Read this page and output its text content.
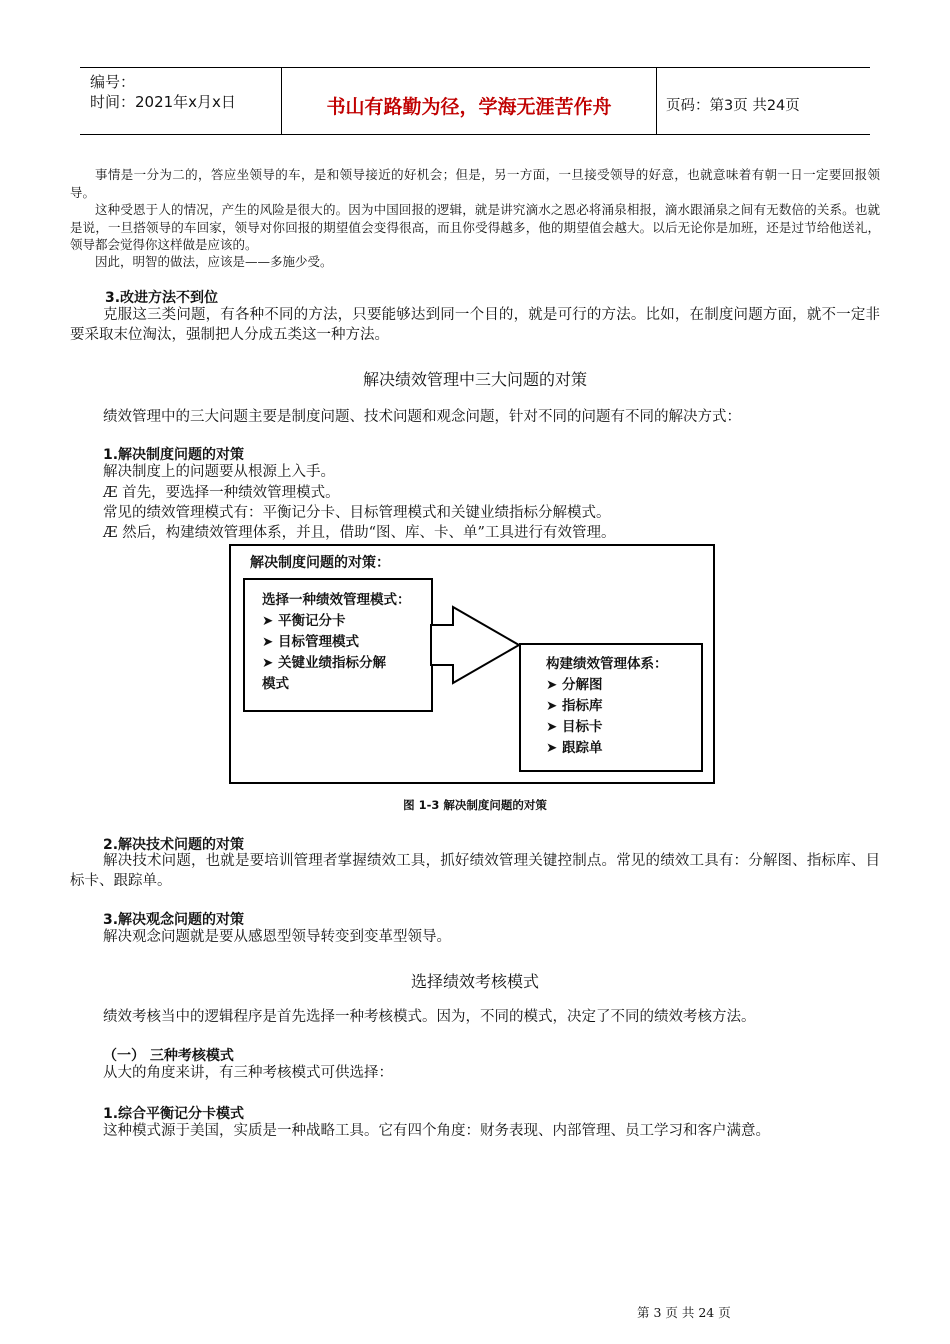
编号：
时间：2021年x月x日	书山有路勤为径，学海无涯苦作舟	页码：第3页 共24页
事情是一分为二的，答应坐领导的车，是和领导接近的好机会；但是，另一方面，一旦接受领导的好意，也就意味着有朝一日一定要回报领导。
这种受恩于人的情况，产生的风险是很大的。因为中国回报的逻辑，就是讲究滴水之恩必将涌泉相报，滴水跟涌泉之间有无数倍的关系。也就是说，一旦搭领导的车回家，领导对你回报的期望值会变得很高，而且你受得越多，他的期望值会越大。以后无论你是加班，还是过节给他送礼，领导都会觉得你这样做是应该的。
因此，明智的做法，应该是——多施少受。
3.改进方法不到位
克服这三类问题，有各种不同的方法，只要能够达到同一个目的，就是可行的方法。比如，在制度问题方面，就不一定非要采取末位淘汰，强制把人分成五类这一种方法。
解决绩效管理中三大问题的对策
绩效管理中的三大问题主要是制度问题、技术问题和观念问题，针对不同的问题有不同的解决方式：
1.解决制度问题的对策
解决制度上的问题要从根源上入手。
Æ 首先，要选择一种绩效管理模式。
常见的绩效管理模式有：平衡记分卡、目标管理模式和关键业绩指标分解模式。
Æ 然后，构建绩效管理体系，并且，借助“图、库、卡、单”工具进行有效管理。
解决制度问题的对策：
选择一种绩效管理模式：
➤ 平衡记分卡
➤ 目标管理模式
➤ 关键业绩指标分解
模式
构建绩效管理体系：
➤ 分解图
➤ 指标库
➤ 目标卡
➤ 跟踪单
图 1-3 解决制度问题的对策
2.解决技术问题的对策
解决技术问题，也就是要培训管理者掌握绩效工具，抓好绩效管理关键控制点。常见的绩效工具有：分解图、指标库、目标卡、跟踪单。
3.解决观念问题的对策
解决观念问题就是要从感恩型领导转变到变革型领导。
选择绩效考核模式
绩效考核当中的逻辑程序是首先选择一种考核模式。因为，不同的模式，决定了不同的绩效考核方法。
（一） 三种考核模式
从大的角度来讲，有三种考核模式可供选择：
1.综合平衡记分卡模式
这种模式源于美国，实质是一种战略工具。它有四个角度：财务表现、内部管理、员工学习和客户满意。
第 3 页 共 24 页
